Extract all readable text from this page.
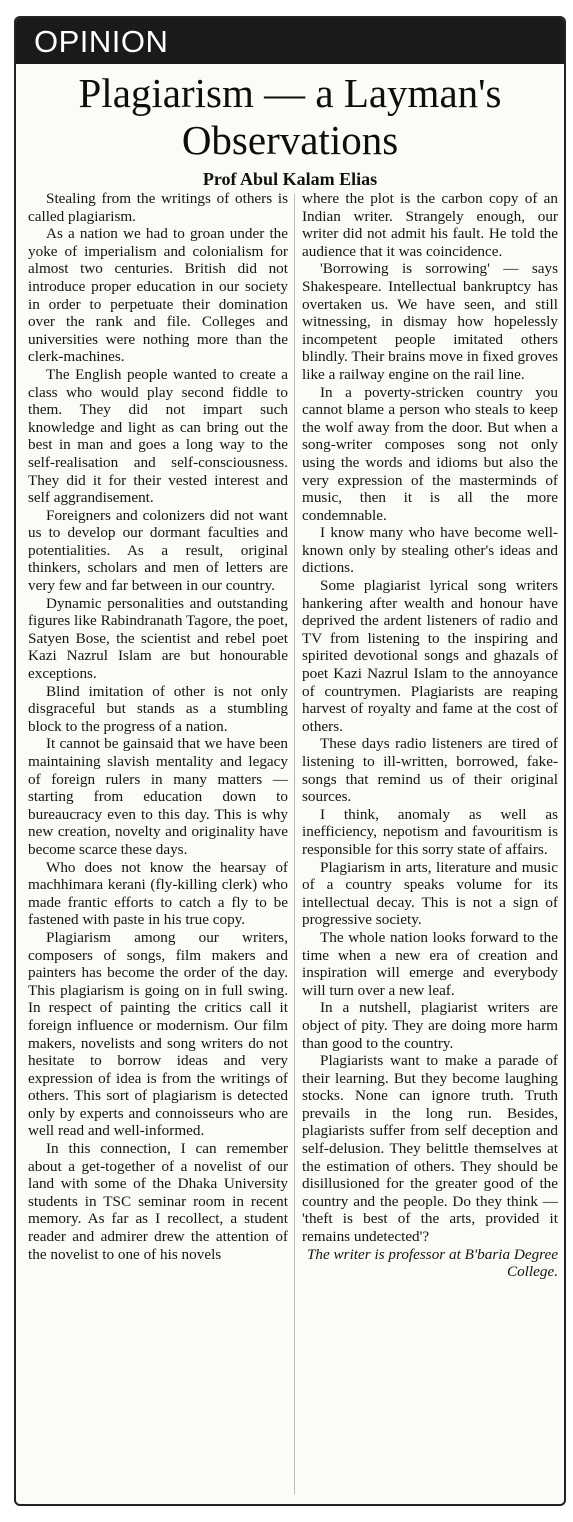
OPINION
Plagiarism — a Layman's
Observations
Prof Abul Kalam Elias

Stealing from the writings of others is called plagiarism.

As a nation we had to groan under the yoke of imperialism and colonialism for almost two centuries. British did not introduce proper education in our society in order to perpetuate their domination over the rank and file. Colleges and universities were nothing more than the clerk-machines.

The English people wanted to create a class who would play second fiddle to them. They did not impart such knowledge and light as can bring out the best in man and goes a long way to the self-realisation and self-consciousness. They did it for their vested interest and self aggrandisement.

Foreigners and colonizers did not want us to develop our dormant faculties and potentialities. As a result, original thinkers, scholars and men of letters are very few and far between in our country.

Dynamic personalities and outstanding figures like Rabindranath Tagore, the poet, Satyen Bose, the scientist and rebel poet Kazi Nazrul Islam are but honourable exceptions.

Blind imitation of other is not only disgraceful but stands as a stumbling block to the progress of a nation.

It cannot be gainsaid that we have been maintaining slavish mentality and legacy of foreign rulers in many matters — starting from education down to bureaucracy even to this day. This is why new creation, novelty and originality have become scarce these days.

Who does not know the hearsay of machhimara kerani (fly-killing clerk) who made frantic efforts to catch a fly to be fastened with paste in his true copy.

Plagiarism among our writers, composers of songs, film makers and painters has become the order of the day. This plagiarism is going on in full swing. In respect of painting the critics call it foreign influence or modernism. Our film makers, novelists and song writers do not hesitate to borrow ideas and very expression of idea is from the writings of others. This sort of plagiarism is detected only by experts and connoisseurs who are well read and well-informed.

In this connection, I can remember about a get-together of a novelist of our land with some of the Dhaka University students in TSC seminar room in recent memory. As far as I recollect, a student reader and admirer drew the attention of the novelist to one of his novels

where the plot is the carbon copy of an Indian writer. Strangely enough, our writer did not admit his fault. He told the audience that it was coincidence.

'Borrowing is sorrowing' — says Shakespeare. Intellectual bankruptcy has overtaken us. We have seen, and still witnessing, in dismay how hopelessly incompetent people imitated others blindly. Their brains move in fixed groves like a railway engine on the rail line.

In a poverty-stricken country you cannot blame a person who steals to keep the wolf away from the door. But when a song-writer composes song not only using the words and idioms but also the very expression of the masterminds of music, then it is all the more condemnable.

I know many who have become well-known only by stealing other's ideas and dictions.

Some plagiarist lyrical song writers hankering after wealth and honour have deprived the ardent listeners of radio and TV from listening to the inspiring and spirited devotional songs and ghazals of poet Kazi Nazrul Islam to the annoyance of countrymen. Plagiarists are reaping harvest of royalty and fame at the cost of others.

These days radio listeners are tired of listening to ill-written, borrowed, fake-songs that remind us of their original sources.

I think, anomaly as well as inefficiency, nepotism and favouritism is responsible for this sorry state of affairs.

Plagiarism in arts, literature and music of a country speaks volume for its intellectual decay. This is not a sign of progressive society.

The whole nation looks forward to the time when a new era of creation and inspiration will emerge and everybody will turn over a new leaf.

In a nutshell, plagiarist writers are object of pity. They are doing more harm than good to the country.

Plagiarists want to make a parade of their learning. But they become laughing stocks. None can ignore truth. Truth prevails in the long run. Besides, plagiarists suffer from self deception and self-delusion. They belittle themselves at the estimation of others. They should be disillusioned for the greater good of the country and the people. Do they think — 'theft is best of the arts, provided it remains undetected'?

The writer is professor at B'baria Degree College.
